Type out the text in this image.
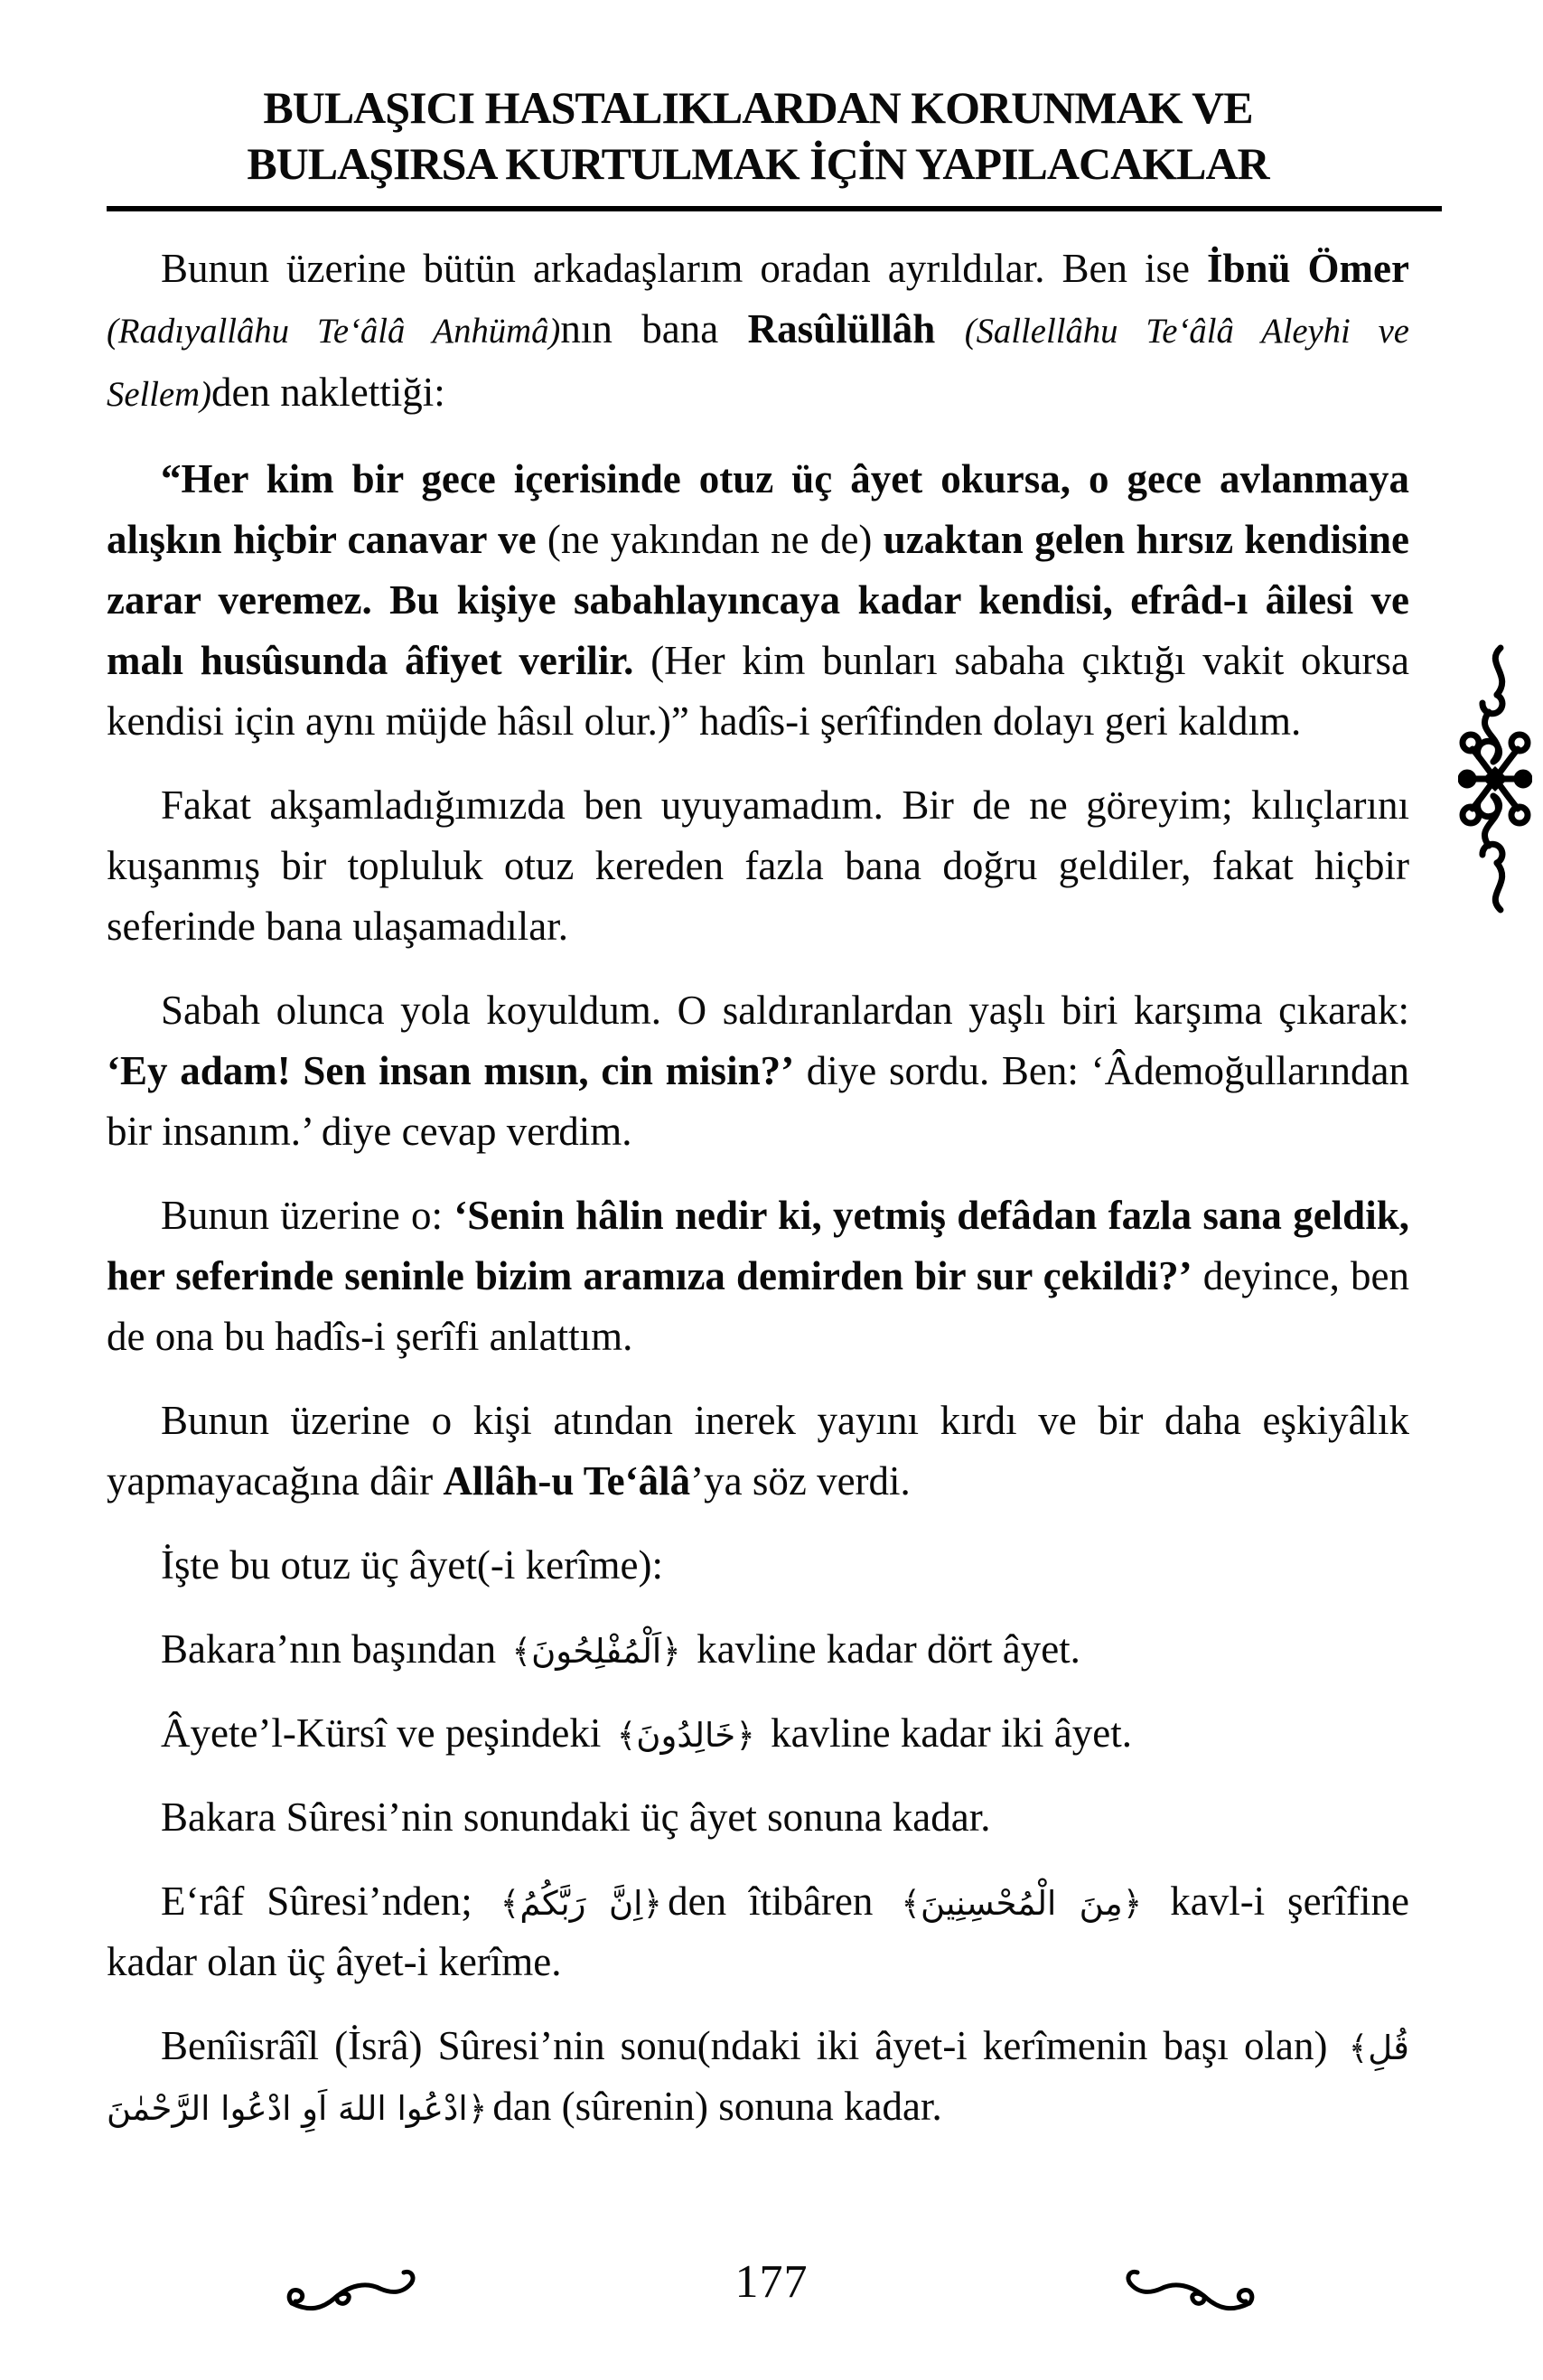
BULAŞICI HASTALIKLARDAN KORUNMAK VE
BULAŞIRSA KURTULMAK İÇİN YAPILACAKLAR

Bunun üzerine bütün arkadaşlarım oradan ayrıldılar. Ben ise İbnü Ömer (Radıyallâhu Te‘âlâ Anhümâ)nın bana Rasûlüllâh (Sallellâhu Te‘âlâ Aleyhi ve Sellem)den naklettiği:

“Her kim bir gece içerisinde otuz üç âyet okursa, o gece avlanmaya alışkın hiçbir canavar ve (ne yakından ne de) uzaktan gelen hırsız kendisine zarar veremez. Bu kişiye sabahlayıncaya kadar kendisi, efrâd-ı âilesi ve malı husûsunda âfiyet verilir. (Her kim bunları sabaha çıktığı vakit okursa kendisi için aynı müjde hâsıl olur.)” hadîs-i şerîfinden dolayı geri kaldım.

Fakat akşamladığımızda ben uyuyamadım. Bir de ne göreyim; kılıçlarını kuşanmış bir topluluk otuz kereden fazla bana doğru geldiler, fakat hiçbir seferinde bana ulaşamadılar.

Sabah olunca yola koyuldum. O saldıranlardan yaşlı biri karşıma çıkarak: ‘Ey adam! Sen insan mısın, cin misin?’ diye sordu. Ben: ‘Âdemoğullarından bir insanım.’ diye cevap verdim.

Bunun üzerine o: ‘Senin hâlin nedir ki, yetmiş defâdan fazla sana geldik, her seferinde seninle bizim aramıza demirden bir sur çekildi?’ deyince, ben de ona bu hadîs-i şerîfi anlattım.

Bunun üzerine o kişi atından inerek yayını kırdı ve bir daha eşkiyâlık yapmayacağına dâir Allâh-u Te‘âlâ’ya söz verdi.

İşte bu otuz üç âyet(-i kerîme):

Bakara’nın başından ﴾اَلْمُفْلِحُونَ﴿ kavline kadar dört âyet.

Âyete’l-Kürsî ve peşindeki ﴾خَالِدُونَ﴿ kavline kadar iki âyet.

Bakara Sûresi’nin sonundaki üç âyet sonuna kadar.

E‘râf Sûresi’nden; ﴾اِنَّ رَبَّكُمُ﴿ den îtibâren ﴾مِنَ الْمُحْسِنِينَ﴿ kavl-i şerîfine kadar olan üç âyet-i kerîme.

Benîisrâîl (İsrâ) Sûresi’nin sonu(ndaki iki âyet-i kerîmenin başı olan) ﴾قُلِ ادْعُوا اللهَ اَوِ ادْعُوا الرَّحْمٰنَ﴿ dan (sûrenin) sonuna kadar.

177
